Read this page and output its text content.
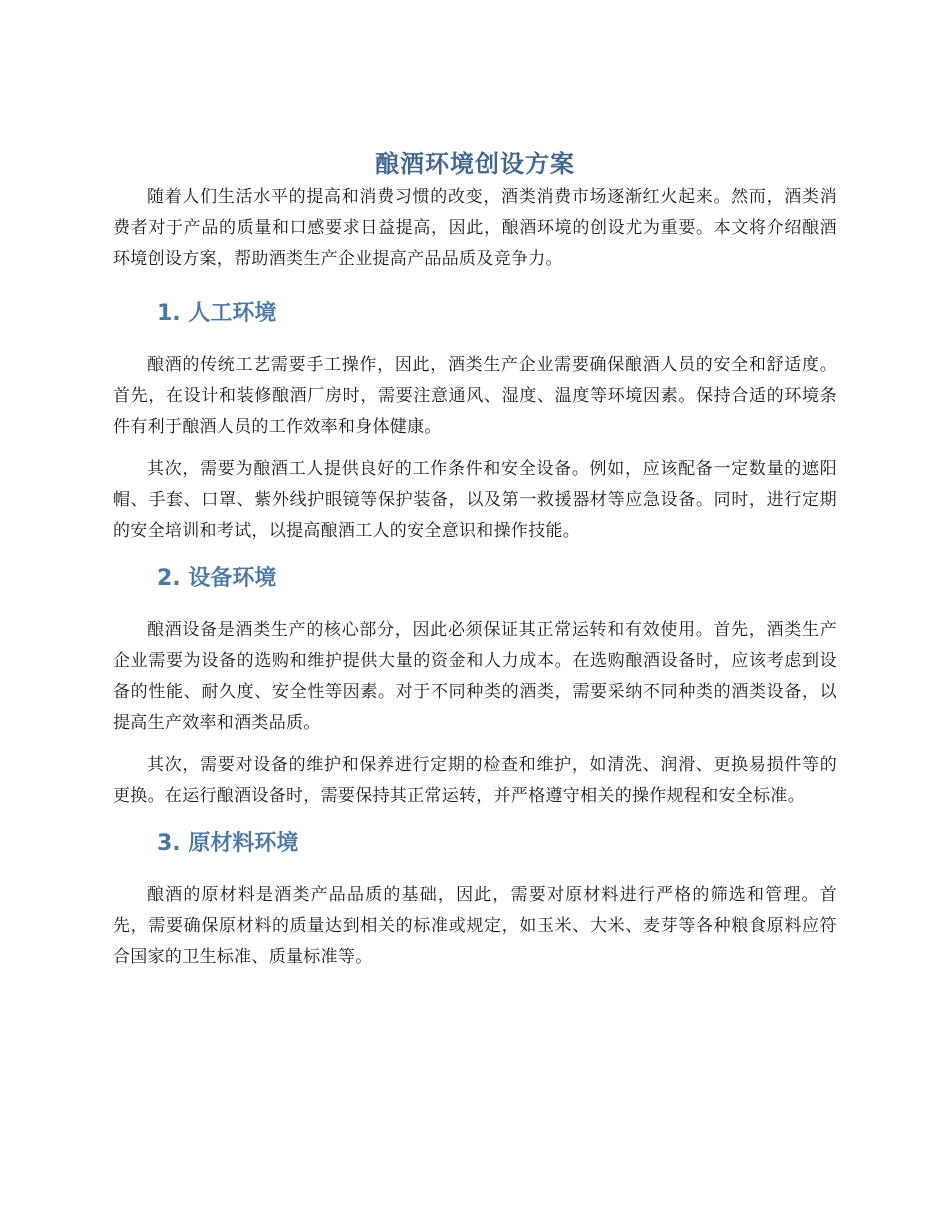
酿酒环境创设方案

随着人们生活水平的提高和消费习惯的改变，酒类消费市场逐渐红火起来。然而，酒类消费者对于产品的质量和口感要求日益提高，因此，酿酒环境的创设尤为重要。本文将介绍酿酒环境创设方案，帮助酒类生产企业提高产品品质及竞争力。

1. 人工环境

酿酒的传统工艺需要手工操作，因此，酒类生产企业需要确保酿酒人员的安全和舒适度。首先，在设计和装修酿酒厂房时，需要注意通风、湿度、温度等环境因素。保持合适的环境条件有利于酿酒人员的工作效率和身体健康。

其次，需要为酿酒工人提供良好的工作条件和安全设备。例如，应该配备一定数量的遮阳帽、手套、口罩、紫外线护眼镜等保护装备，以及第一救援器材等应急设备。同时，进行定期的安全培训和考试，以提高酿酒工人的安全意识和操作技能。

2. 设备环境

酿酒设备是酒类生产的核心部分，因此必须保证其正常运转和有效使用。首先，酒类生产企业需要为设备的选购和维护提供大量的资金和人力成本。在选购酿酒设备时，应该考虑到设备的性能、耐久度、安全性等因素。对于不同种类的酒类，需要采纳不同种类的酒类设备，以提高生产效率和酒类品质。

其次，需要对设备的维护和保养进行定期的检查和维护，如清洗、润滑、更换易损件等的更换。在运行酿酒设备时，需要保持其正常运转，并严格遵守相关的操作规程和安全标准。

3. 原材料环境

酿酒的原材料是酒类产品品质的基础，因此，需要对原材料进行严格的筛选和管理。首先，需要确保原材料的质量达到相关的标准或规定，如玉米、大米、麦芽等各种粮食原料应符合国家的卫生标准、质量标准等。
